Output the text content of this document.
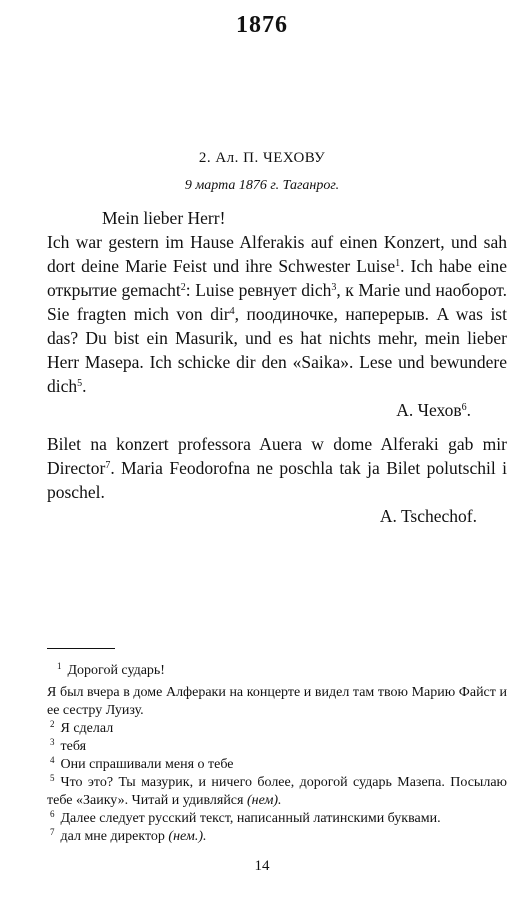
1876
2. Ал. П. ЧЕХОВУ
9 марта 1876 г. Таганрог.

Mein lieber Herr!

Ich war gestern im Hause Alferakis auf einen Konzert, und sah dort deine Marie Feist und ihre Schwester Luise$^1$. Ich habe eine открытие gemacht$^2$: Luise ревнует dich$^3$, к Marie und наоборот. Sie fragten mich von dir$^4$, поодиночке, наперерыв. A was ist das? Du bist ein Masurik, und es hat nichts mehr, mein lieber Herr Masepa. Ich schicke dir den «Saika». Lese und bewundere dich$^5$.

А. Чехов$^6$.

Bilet na konzert professora Auera w dome Alferaki gab mir Director$^7$. Maria Feodorofna ne poschla tak ja Bilet polutschil i poschel.

A. Tschechof.

$^1$ Дорогой сударь!

Я был вчера в доме Алфераки на концерте и видел там твою Марию Файст и ее сестру Луизу.

$^2$ Я сделал

$^3$ тебя

$^4$ Они спрашивали меня о тебе

$^5$ Что это? Ты мазурик, и ничего более, дорогой сударь Мазепа. Посылаю тебе «Заику». Читай и удивляйся (нем).

$^6$ Далее следует русский текст, написанный латинскими буквами.

$^7$ дал мне директор (нем.).

14
